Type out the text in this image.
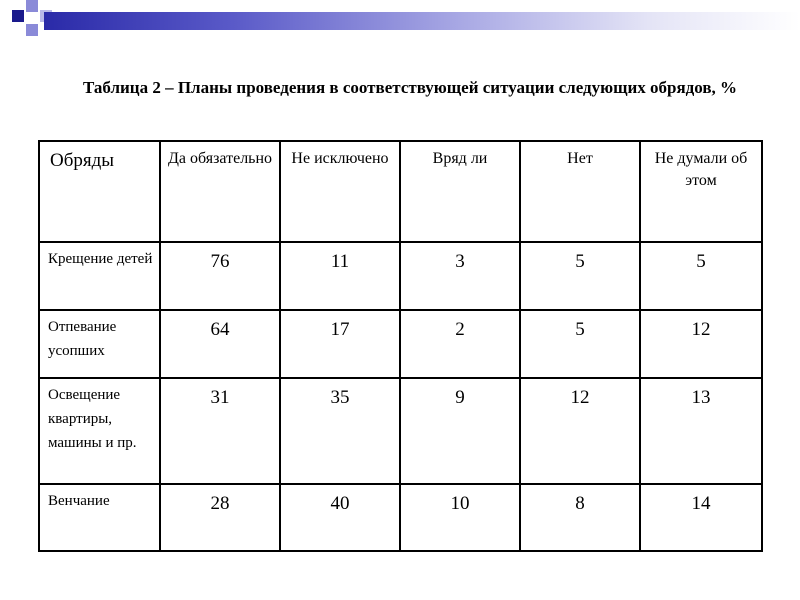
Таблица 2 – Планы проведения в соответствующей ситуации следующих обрядов, %
Обряды	Да обязательно	Не исключено	Вряд ли	Нет	Не думали об этом
Крещение детей	76	11	3	5	5
Отпевание усопших	64	17	2	5	12
Освещение квартиры, машины и пр.	31	35	9	12	13
Венчание	28	40	10	8	14
